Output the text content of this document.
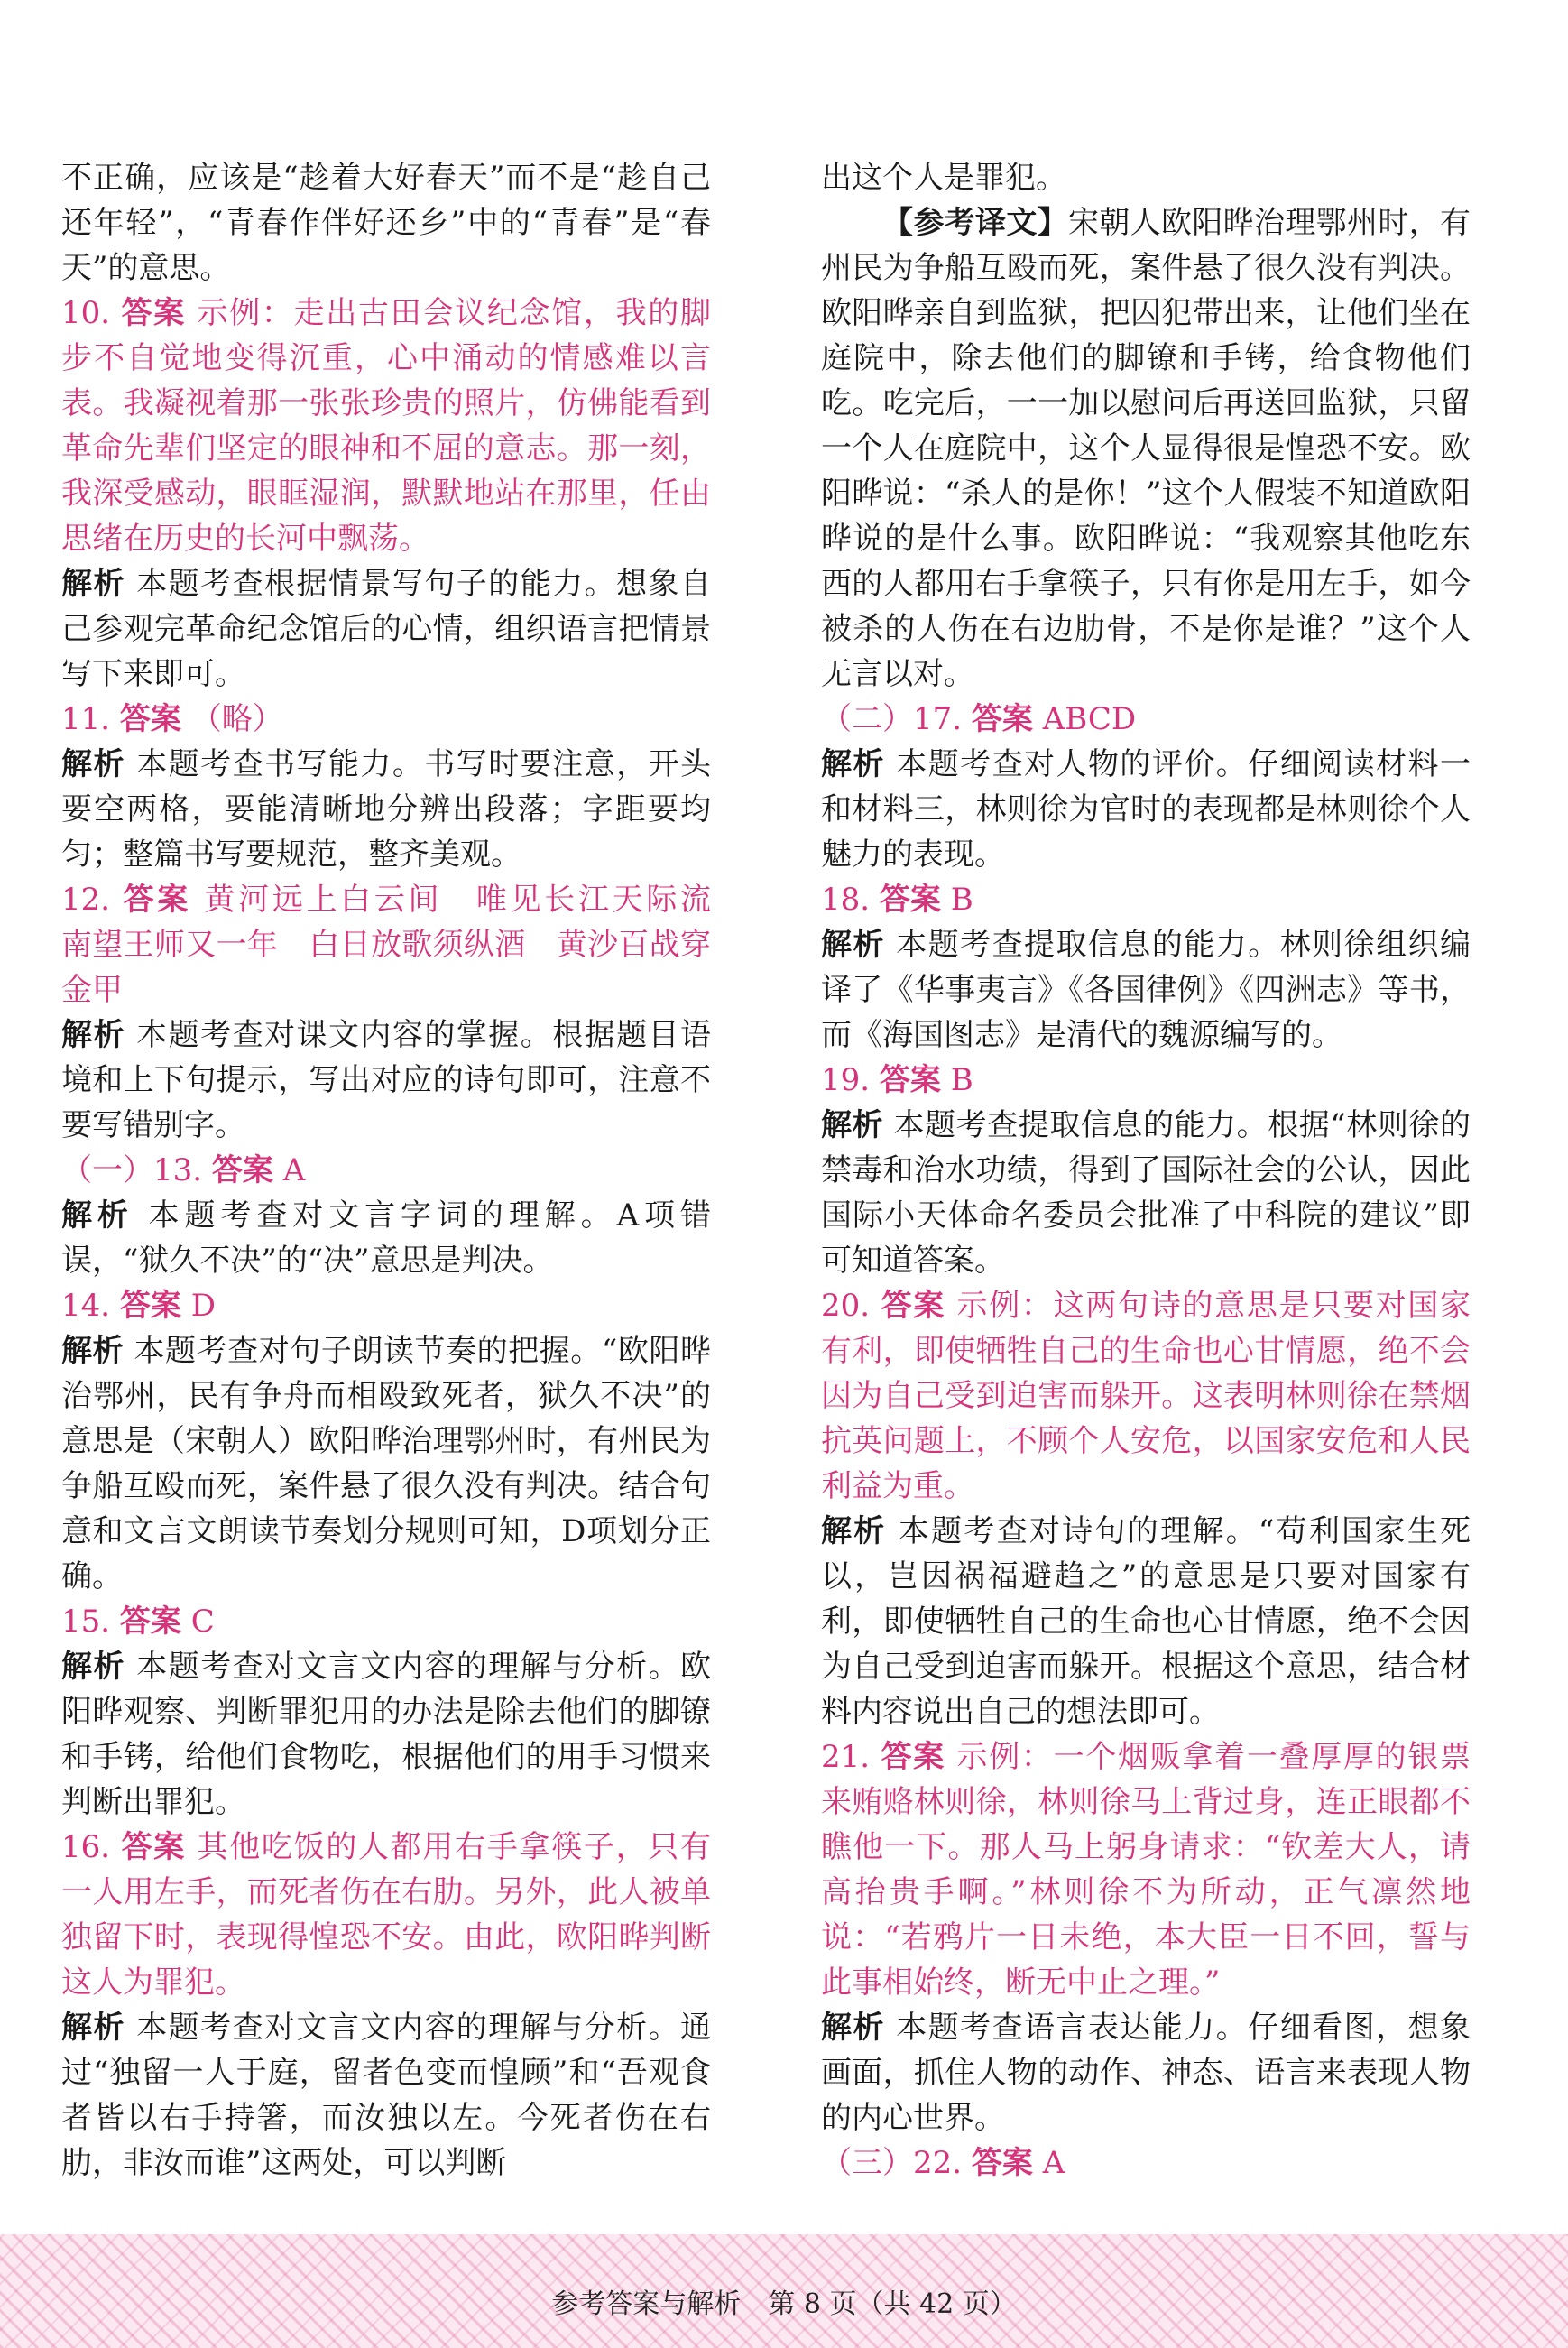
不正确，应该是“趁着大好春天”而不是“趁自己还年轻”，“青春作伴好还乡”中的“青春”是“春天”的意思。

10. 答案 示例：走出古田会议纪念馆，我的脚步不自觉地变得沉重，心中涌动的情感难以言表。我凝视着那一张张珍贵的照片，仿佛能看到革命先辈们坚定的眼神和不屈的意志。那一刻，我深受感动，眼眶湿润，默默地站在那里，任由思绪在历史的长河中飘荡。

解析 本题考查根据情景写句子的能力。想象自己参观完革命纪念馆后的心情，组织语言把情景写下来即可。

11. 答案 （略）

解析 本题考查书写能力。书写时要注意，开头要空两格，要能清晰地分辨出段落；字距要均匀；整篇书写要规范，整齐美观。

12. 答案 黄河远上白云间　唯见长江天际流　南望王师又一年　白日放歌须纵酒　黄沙百战穿金甲

解析 本题考查对课文内容的掌握。根据题目语境和上下句提示，写出对应的诗句即可，注意不要写错别字。

（一）13. 答案 A

解析 本题考查对文言字词的理解。A项错误，“狱久不决”的“决”意思是判决。

14. 答案 D

解析 本题考查对句子朗读节奏的把握。“欧阳晔治鄂州，民有争舟而相殴致死者，狱久不决”的意思是（宋朝人）欧阳晔治理鄂州时，有州民为争船互殴而死，案件悬了很久没有判决。结合句意和文言文朗读节奏划分规则可知，D项划分正确。

15. 答案 C

解析 本题考查对文言文内容的理解与分析。欧阳晔观察、判断罪犯用的办法是除去他们的脚镣和手铐，给他们食物吃，根据他们的用手习惯来判断出罪犯。

16. 答案 其他吃饭的人都用右手拿筷子，只有一人用左手，而死者伤在右肋。另外，此人被单独留下时，表现得惶恐不安。由此，欧阳晔判断这人为罪犯。

解析 本题考查对文言文内容的理解与分析。通过“独留一人于庭，留者色变而惶顾”和“吾观食者皆以右手持箸，而汝独以左。今死者伤在右肋，非汝而谁”这两处，可以判断

出这个人是罪犯。

【参考译文】宋朝人欧阳晔治理鄂州时，有州民为争船互殴而死，案件悬了很久没有判决。欧阳晔亲自到监狱，把囚犯带出来，让他们坐在庭院中，除去他们的脚镣和手铐，给食物他们吃。吃完后，一一加以慰问后再送回监狱，只留一个人在庭院中，这个人显得很是惶恐不安。欧阳晔说：“杀人的是你！”这个人假装不知道欧阳晔说的是什么事。欧阳晔说：“我观察其他吃东西的人都用右手拿筷子，只有你是用左手，如今被杀的人伤在右边肋骨，不是你是谁？”这个人无言以对。

（二）17. 答案 ABCD

解析 本题考查对人物的评价。仔细阅读材料一和材料三，林则徐为官时的表现都是林则徐个人魅力的表现。

18. 答案 B

解析 本题考查提取信息的能力。林则徐组织编译了《华事夷言》《各国律例》《四洲志》等书，而《海国图志》是清代的魏源编写的。

19. 答案 B

解析 本题考查提取信息的能力。根据“林则徐的禁毒和治水功绩，得到了国际社会的公认，因此国际小天体命名委员会批准了中科院的建议”即可知道答案。

20. 答案 示例：这两句诗的意思是只要对国家有利，即使牺牲自己的生命也心甘情愿，绝不会因为自己受到迫害而躲开。这表明林则徐在禁烟抗英问题上，不顾个人安危，以国家安危和人民利益为重。

解析 本题考查对诗句的理解。“苟利国家生死以，岂因祸福避趋之”的意思是只要对国家有利，即使牺牲自己的生命也心甘情愿，绝不会因为自己受到迫害而躲开。根据这个意思，结合材料内容说出自己的想法即可。

21. 答案 示例：一个烟贩拿着一叠厚厚的银票来贿赂林则徐，林则徐马上背过身，连正眼都不瞧他一下。那人马上躬身请求：“钦差大人，请高抬贵手啊。”林则徐不为所动，正气凛然地说：“若鸦片一日未绝，本大臣一日不回，誓与此事相始终，断无中止之理。”

解析 本题考查语言表达能力。仔细看图，想象画面，抓住人物的动作、神态、语言来表现人物的内心世界。

（三）22. 答案 A

参考答案与解析　第 8 页（共 42 页）
